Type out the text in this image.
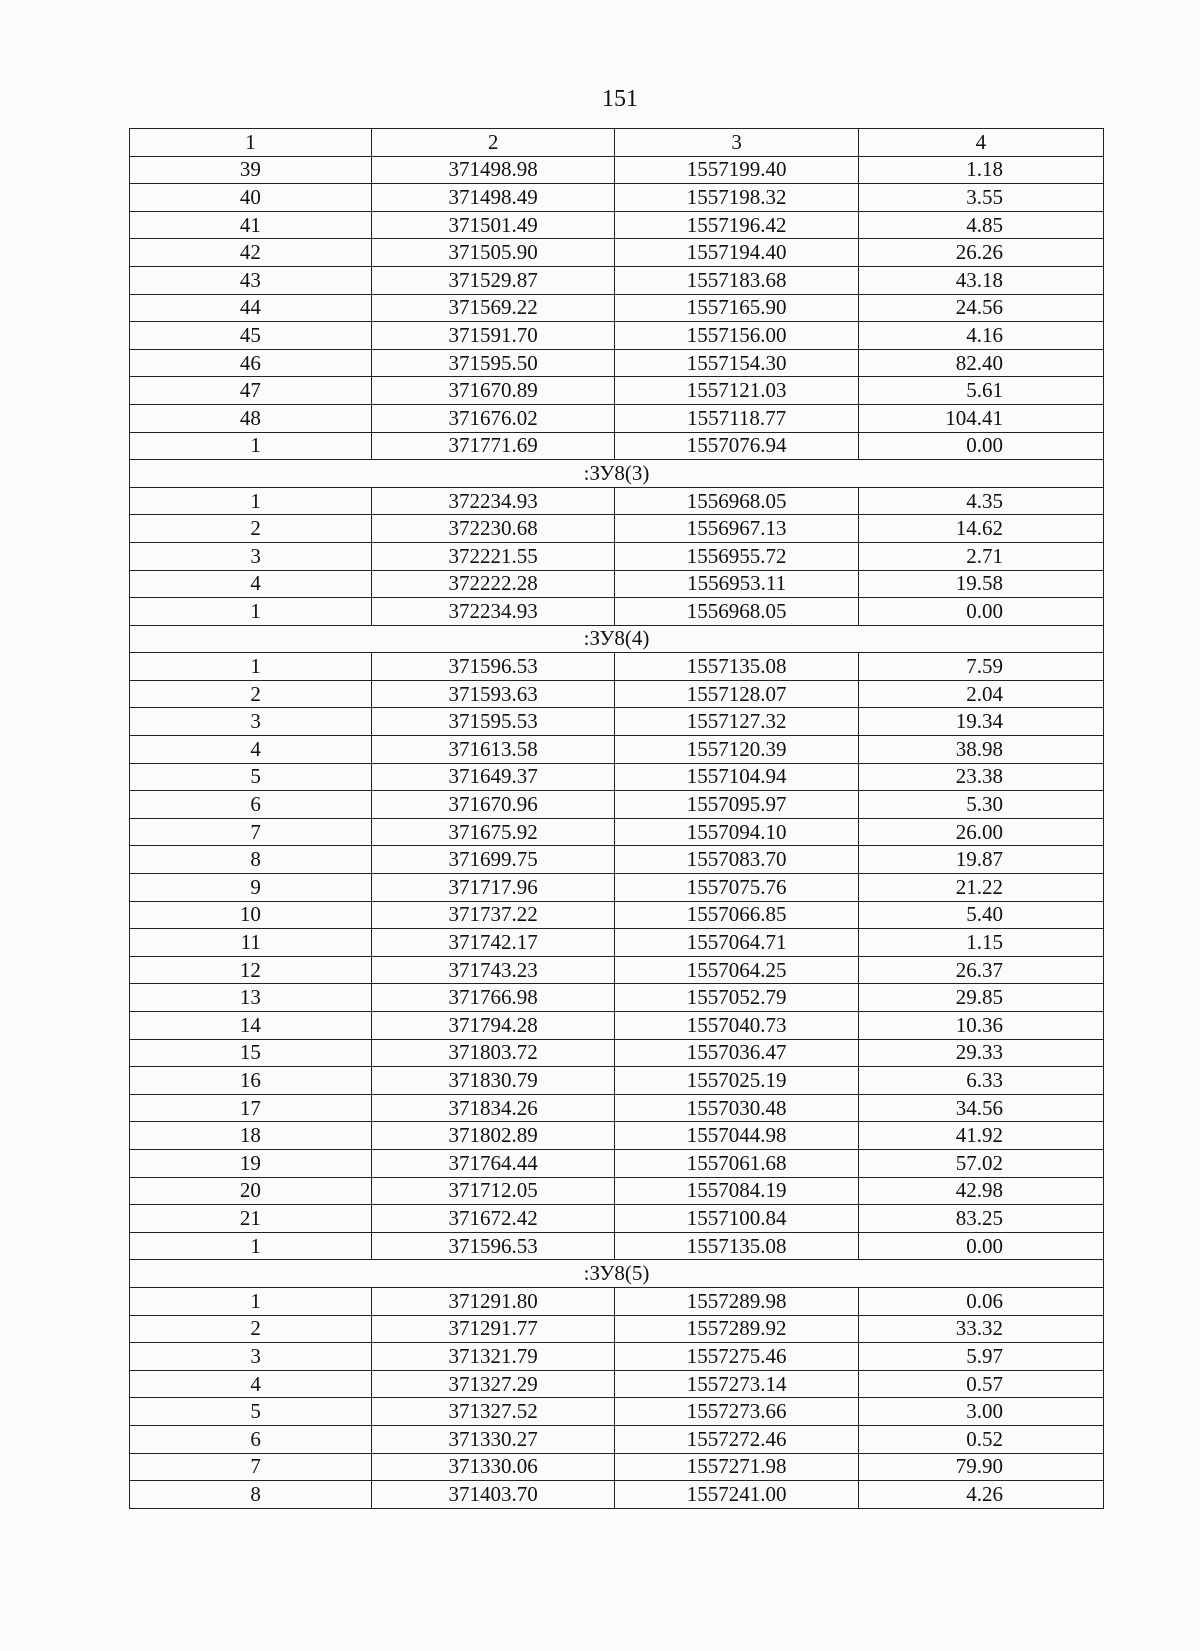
151
1	2	3	4
39	371498.98	1557199.40	1.18
40	371498.49	1557198.32	3.55
41	371501.49	1557196.42	4.85
42	371505.90	1557194.40	26.26
43	371529.87	1557183.68	43.18
44	371569.22	1557165.90	24.56
45	371591.70	1557156.00	4.16
46	371595.50	1557154.30	82.40
47	371670.89	1557121.03	5.61
48	371676.02	1557118.77	104.41
1	371771.69	1557076.94	0.00
:ЗУ8(3)			
1	372234.93	1556968.05	4.35
2	372230.68	1556967.13	14.62
3	372221.55	1556955.72	2.71
4	372222.28	1556953.11	19.58
1	372234.93	1556968.05	0.00
:ЗУ8(4)			
1	371596.53	1557135.08	7.59
2	371593.63	1557128.07	2.04
3	371595.53	1557127.32	19.34
4	371613.58	1557120.39	38.98
5	371649.37	1557104.94	23.38
6	371670.96	1557095.97	5.30
7	371675.92	1557094.10	26.00
8	371699.75	1557083.70	19.87
9	371717.96	1557075.76	21.22
10	371737.22	1557066.85	5.40
11	371742.17	1557064.71	1.15
12	371743.23	1557064.25	26.37
13	371766.98	1557052.79	29.85
14	371794.28	1557040.73	10.36
15	371803.72	1557036.47	29.33
16	371830.79	1557025.19	6.33
17	371834.26	1557030.48	34.56
18	371802.89	1557044.98	41.92
19	371764.44	1557061.68	57.02
20	371712.05	1557084.19	42.98
21	371672.42	1557100.84	83.25
1	371596.53	1557135.08	0.00
:ЗУ8(5)			
1	371291.80	1557289.98	0.06
2	371291.77	1557289.92	33.32
3	371321.79	1557275.46	5.97
4	371327.29	1557273.14	0.57
5	371327.52	1557273.66	3.00
6	371330.27	1557272.46	0.52
7	371330.06	1557271.98	79.90
8	371403.70	1557241.00	4.26
